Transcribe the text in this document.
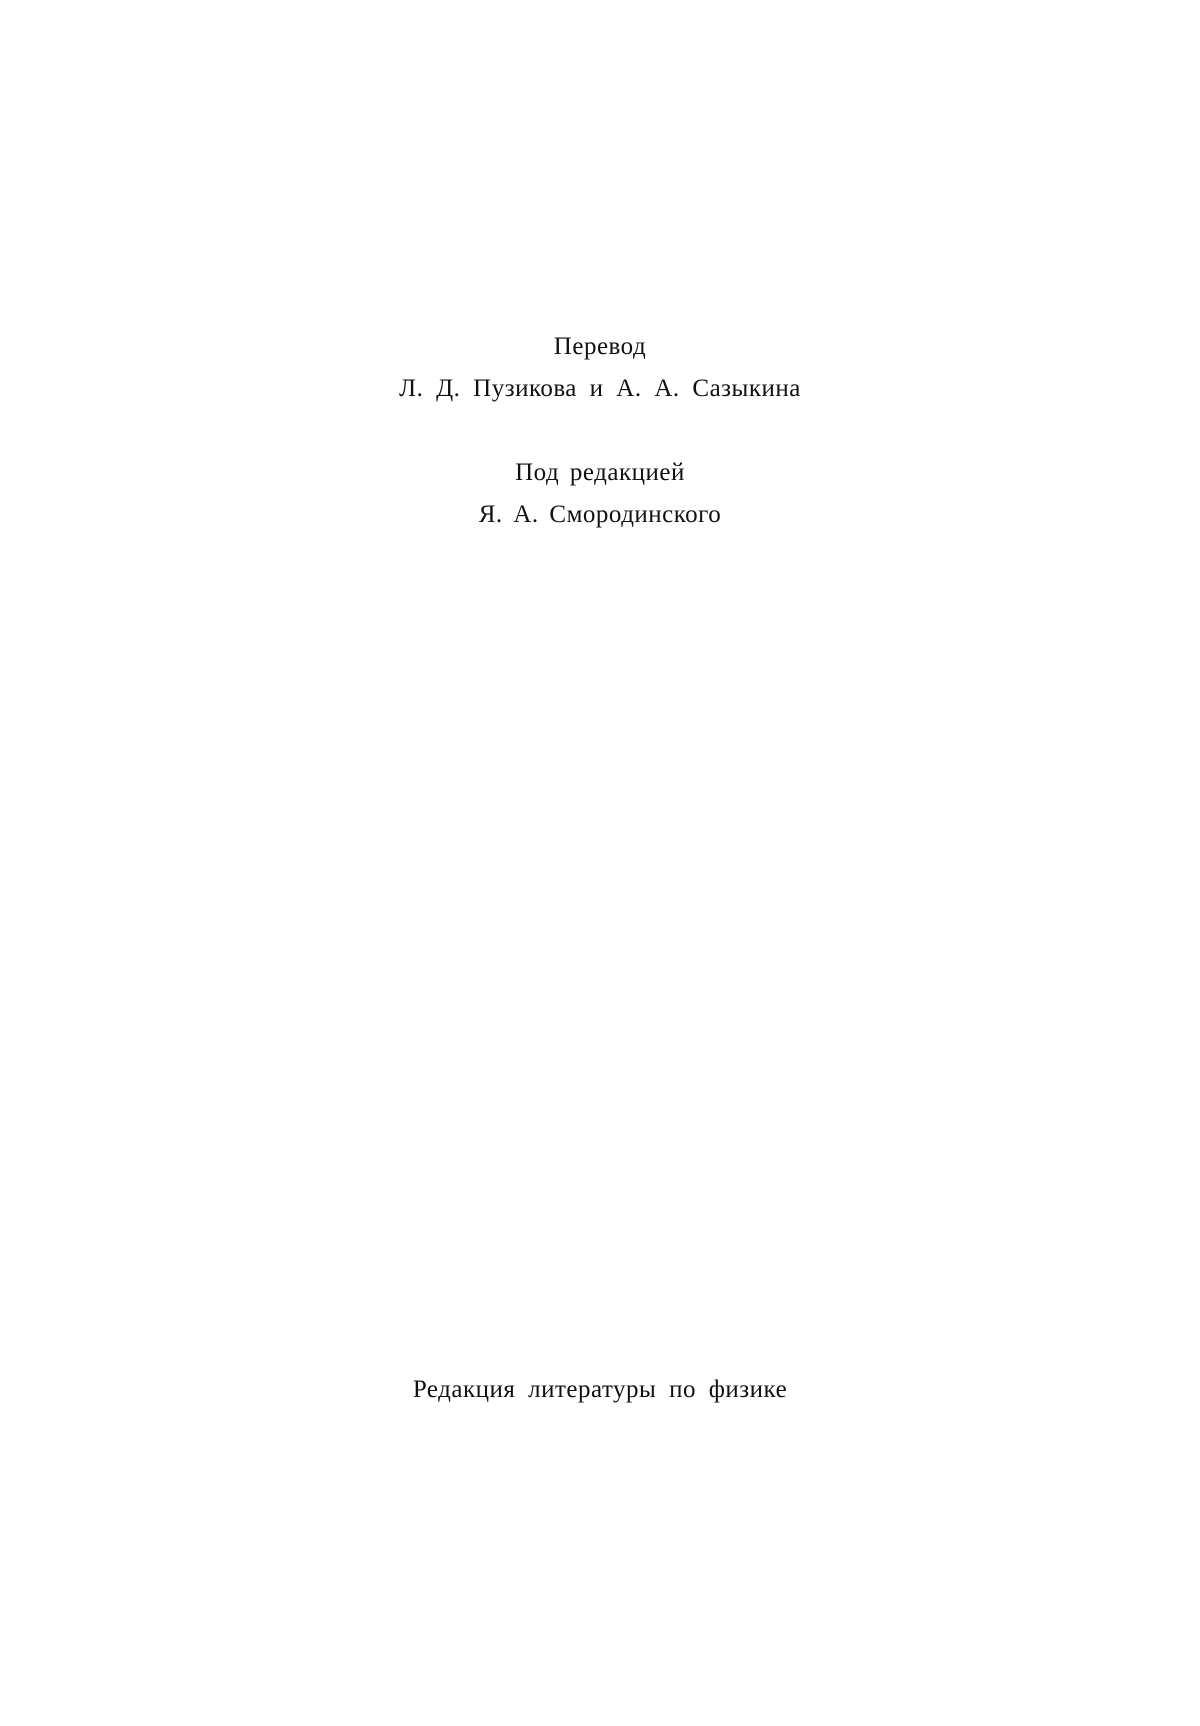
Перевод
Л. Д. Пузикова и А. А. Сазыкина
Под редакцией
Я. А. Смородинского
Редакция литературы по физике
